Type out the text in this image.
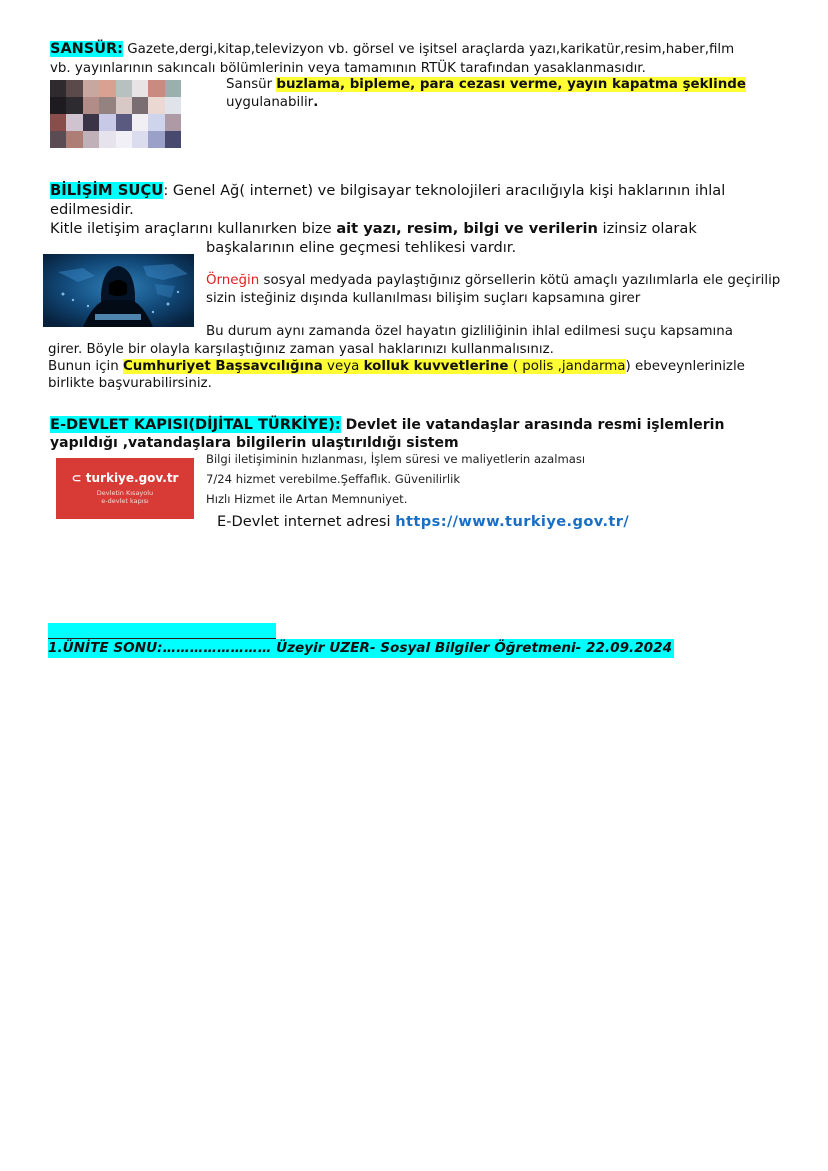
SANSÜR: Gazete,dergi,kitap,televizyon vb. görsel ve işitsel araçlarda yazı,karikatür,resim,haber,film

vb. yayınlarının sakıncalı bölümlerinin veya tamamının RTÜK tarafından yasaklanmasıdır.

Sansür buzlama, bipleme, para cezası verme, yayın kapatma şeklinde
uygulanabilir.

BİLİŞİM SUÇU: Genel Ağ( internet) ve bilgisayar teknolojileri aracılığıyla kişi haklarının ihlal

edilmesidir.

Kitle iletişim araçlarını kullanırken bize ait yazı, resim, bilgi ve verilerin izinsiz olarak

başkalarının eline geçmesi tehlikesi vardır.

Örneğin sosyal medyada paylaştığınız görsellerin kötü amaçlı yazılımlarla ele geçirilip sizin isteğiniz dışında kullanılması bilişim suçları kapsamına girer

Bu durum aynı zamanda özel hayatın gizliliğinin ihlal edilmesi suçu kapsamına

girer. Böyle bir olayla karşılaştığınız zaman yasal haklarınızı kullanmalısınız.

Bunun için Cumhuriyet Başsavcılığına veya kolluk kuvvetlerine ( polis ,jandarma) ebeveynlerinizle birlikte başvurabilirsiniz.

E-DEVLET KAPISI(DİJİTAL TÜRKİYE): Devlet ile vatandaşlar arasında resmi işlemlerin yapıldığı ,vatandaşlara bilgilerin ulaştırıldığı sistem

⊂ turkiye.gov.tr
Devletin Kısayolu
e-devlet kapısı

Bilgi iletişiminin hızlanması, İşlem süresi ve maliyetlerin azalması

7/24 hizmet verebilme.Şeffaflık. Güvenilirlik

Hızlı Hizmet ile Artan Memnuniyet.

E-Devlet internet adresi https://www.turkiye.gov.tr/

1.ÜNİTE SONU:…………………… Üzeyir UZER- Sosyal Bilgiler Öğretmeni- 22.09.2024
